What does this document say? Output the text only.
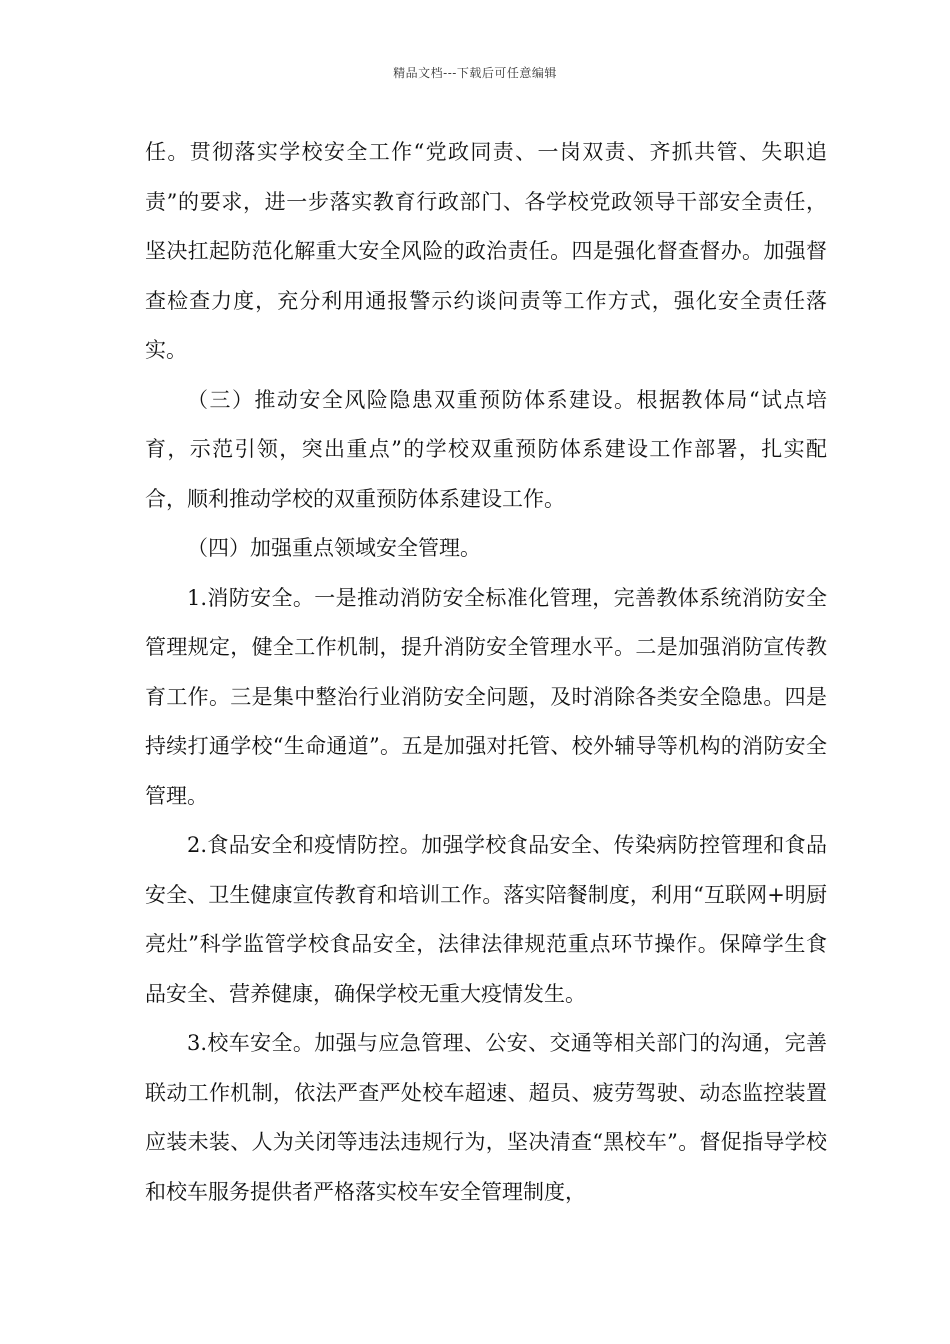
精品文档---下载后可任意编辑

任。贯彻落实学校安全工作“党政同责、一岗双责、齐抓共管、失职追责”的要求，进一步落实教育行政部门、各学校党政领导干部安全责任，坚决扛起防范化解重大安全风险的政治责任。四是强化督查督办。加强督查检查力度，充分利用通报警示约谈问责等工作方式，强化安全责任落实。

（三）推动安全风险隐患双重预防体系建设。根据教体局“试点培育，示范引领，突出重点”的学校双重预防体系建设工作部署，扎实配合，顺利推动学校的双重预防体系建设工作。

（四）加强重点领域安全管理。

1.消防安全。一是推动消防安全标准化管理，完善教体系统消防安全管理规定，健全工作机制，提升消防安全管理水平。二是加强消防宣传教育工作。三是集中整治行业消防安全问题，及时消除各类安全隐患。四是持续打通学校“生命通道”。五是加强对托管、校外辅导等机构的消防安全管理。

2.食品安全和疫情防控。加强学校食品安全、传染病防控管理和食品安全、卫生健康宣传教育和培训工作。落实陪餐制度，利用“互联网+明厨亮灶”科学监管学校食品安全，法律法律规范重点环节操作。保障学生食品安全、营养健康，确保学校无重大疫情发生。

3.校车安全。加强与应急管理、公安、交通等相关部门的沟通，完善联动工作机制，依法严查严处校车超速、超员、疲劳驾驶、动态监控装置应装未装、人为关闭等违法违规行为，坚决清查“黑校车”。督促指导学校和校车服务提供者严格落实校车安全管理制度，
